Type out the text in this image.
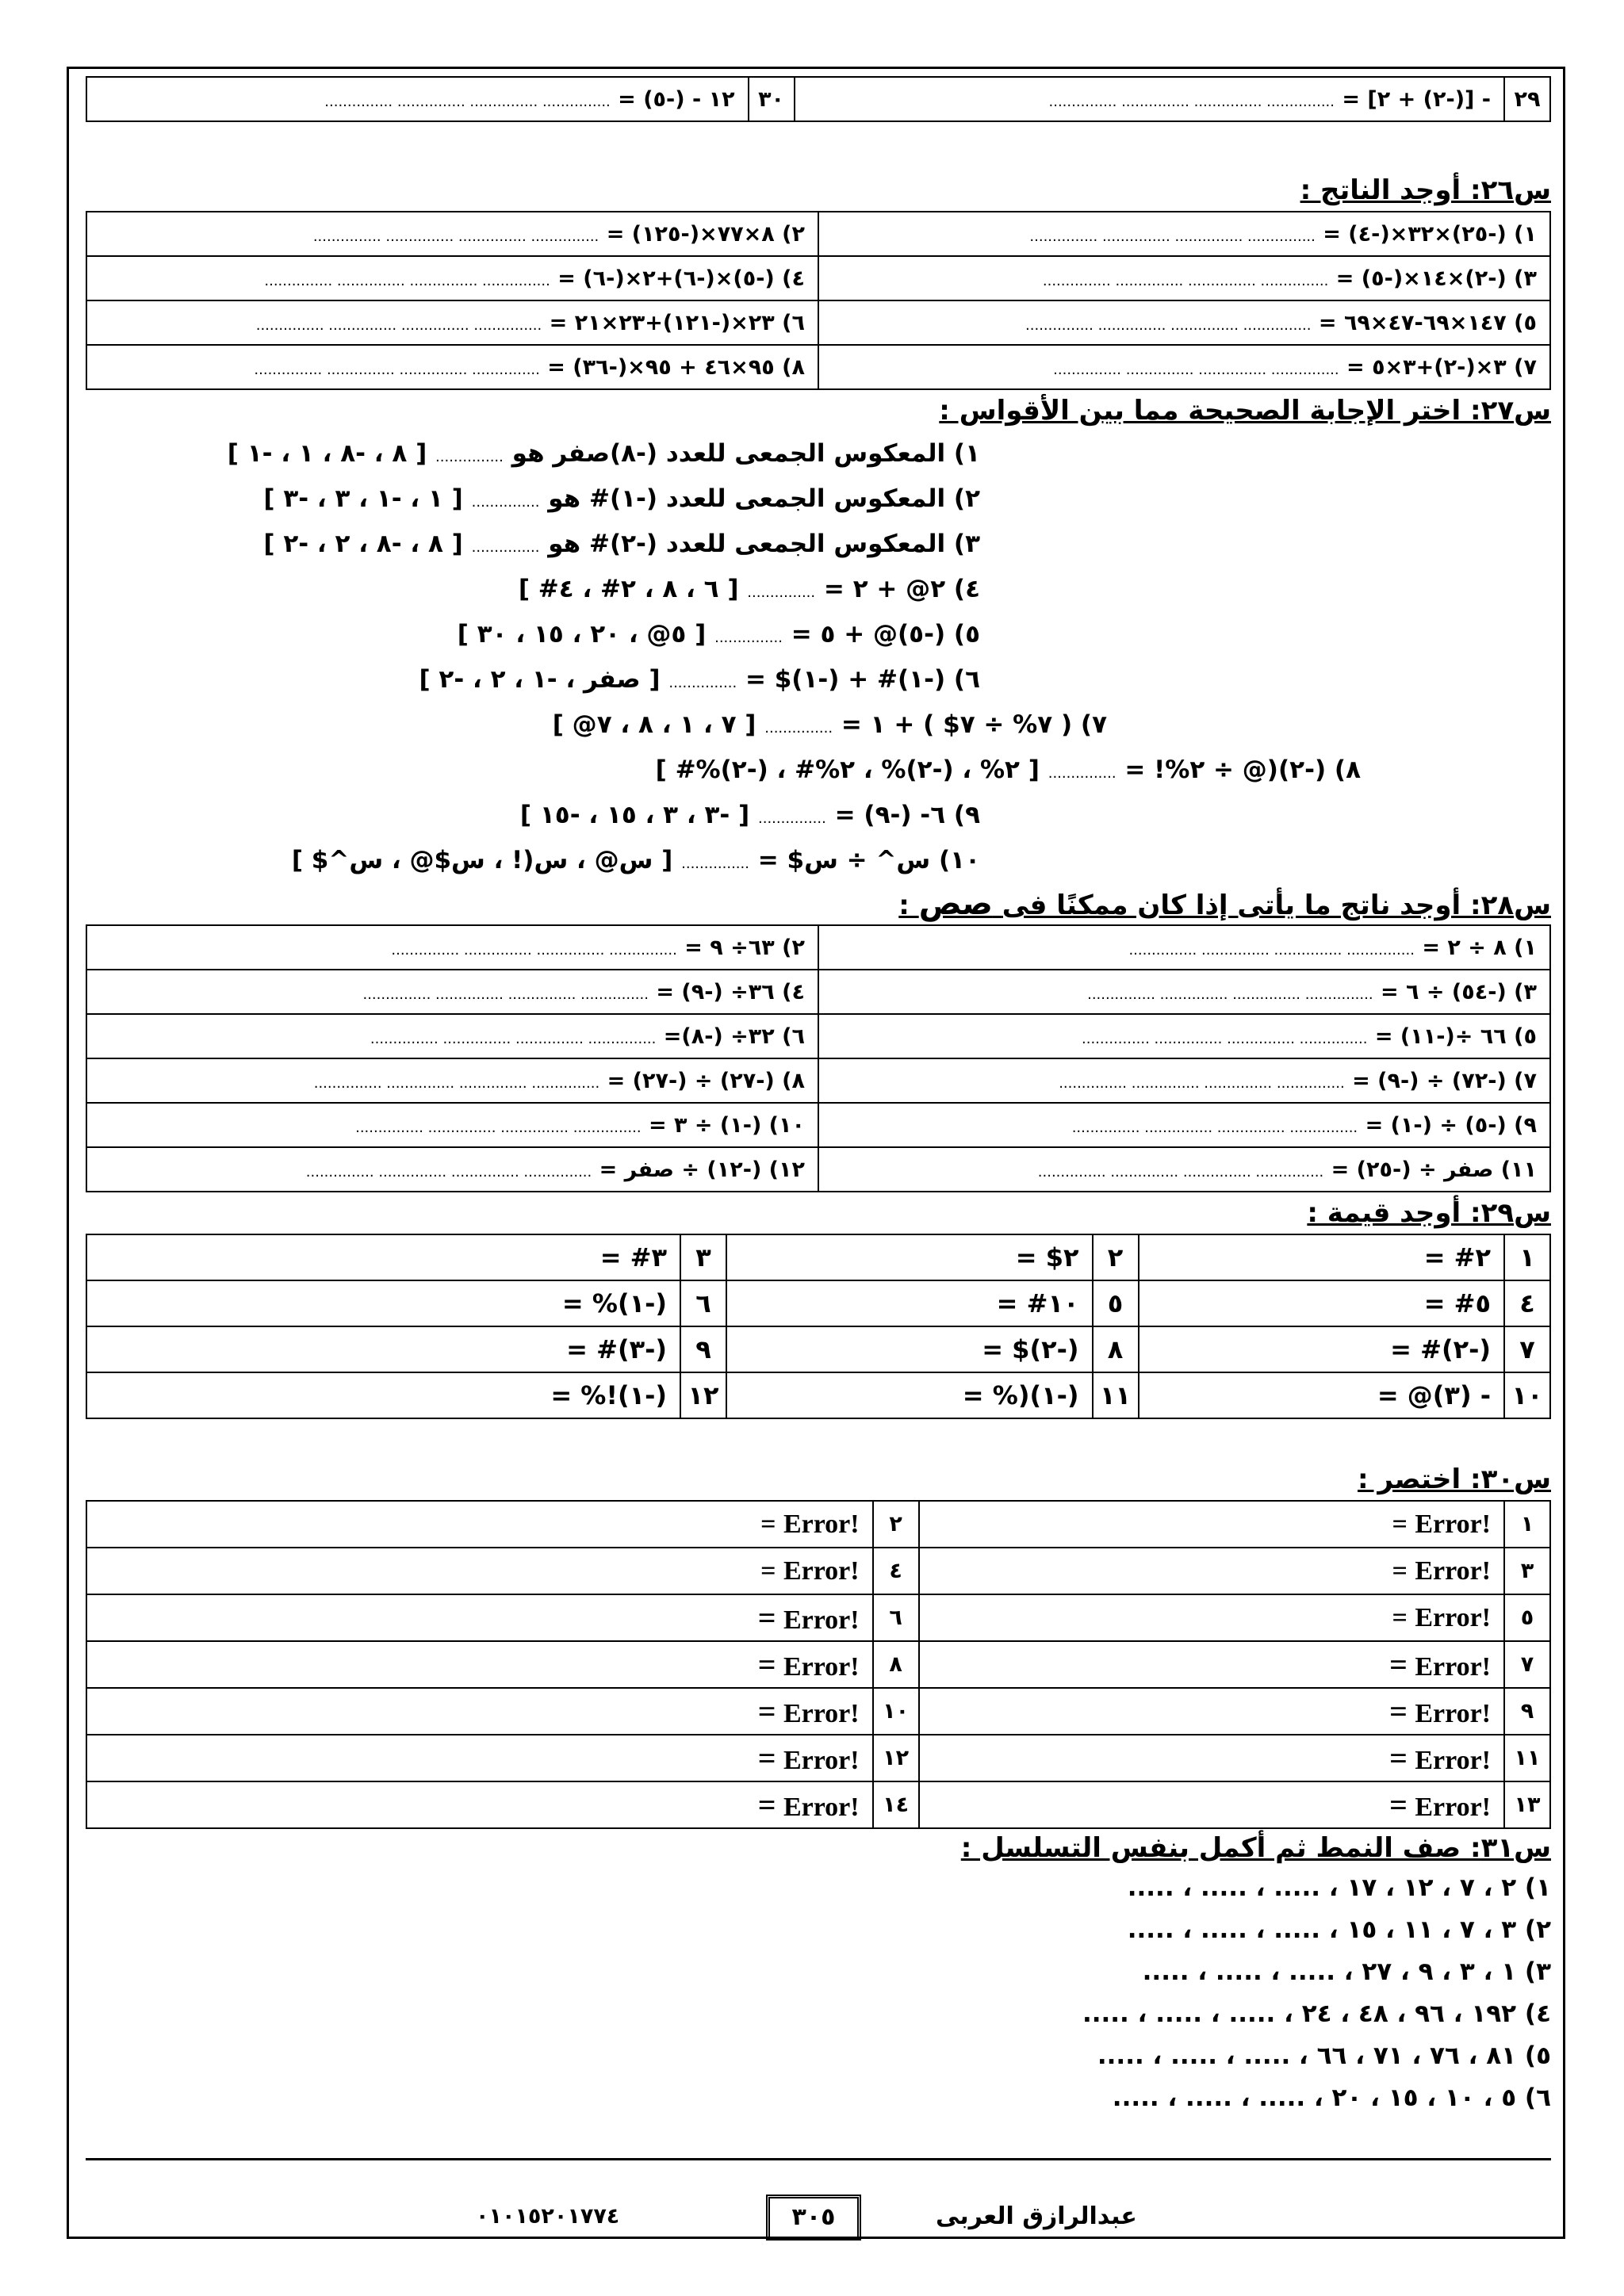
٢٩	- [(-٢) + ٢] = ............... ............... ............... ...............	٣٠	١٢ - (-٥) = ............... ............... ............... ...............

س٢٦: أوجد الناتج :

١) (-٢٥)×٣٢×(-٤) = ............... ............... ............... ...............	٢) ٨×٧٧×(-١٢٥) = ............... ............... ............... ...............
٣) (-٢)×١٤×(-٥) = ............... ............... ............... ...............	٤) (-٥)×(-٦)+٢×(-٦) = ............... ............... ............... ...............
٥) ١٤٧×٦٩-٤٧×٦٩ = ............... ............... ............... ...............	٦) ٢٣×(-١٢١)+٢٣×٢١ = ............... ............... ............... ...............
٧) ٣×(-٢)+٣×٥ = ............... ............... ............... ...............	٨) ٩٥×٤٦ + ٩٥×(-٣٦) = ............... ............... ............... ...............

س٢٧: اختر الإجابة الصحيحة مما بين الأقواس :

١) المعكوس الجمعى للعدد (-٨)صفر هو ............... [ ٨ ، -٨ ، ١ ، -١ ]
٢) المعكوس الجمعى للعدد (-١)# هو ............... [ ١ ، -١ ، ٣ ، -٣ ]
٣) المعكوس الجمعى للعدد (-٢)# هو ............... [ ٨ ، -٨ ، ٢ ، -٢ ]
٤) ٢@ + ٢ = ............... [ ٦ ، ٨ ، ٢# ، ٤# ]
٥) (-٥)@ + ٥ = ............... [ ٥@ ، ٢٠ ، ١٥ ، ٣٠ ]
٦) (-١)# + (-١)$ = ............... [ صفر ، -١ ، ٢ ، -٢ ]
٧) ( ٧% ÷ ٧$ ) + ١ = ............... [ ٧ ، ١ ، ٨ ، ٧@ ]
٨) (-٢)(@ ÷ ٢%! = ............... [ ٢% ، (-٢)% ، ٢%# ، (-٢)%# ]
٩) ٦- (-٩) = ............... [ -٣ ، ٣ ، ١٥ ، -١٥ ]
١٠) س^ ÷ س$ = ............... [ س@ ، س(! ، س$@ ، س^$ ]

س٢٨: أوجد ناتج ما يأتى إذا كان ممكنًا فى صص :

١) ٨ ÷ ٢ = ............... ............... ............... ...............	٢) ٦٣÷ ٩ = ............... ............... ............... ...............
٣) (-٥٤) ÷ ٦ = ............... ............... ............... ...............	٤) ٣٦÷ (-٩) = ............... ............... ............... ...............
٥) ٦٦ ÷(-١١) = ............... ............... ............... ...............	٦) ٣٢÷ (-٨)= ............... ............... ............... ...............
٧) (-٧٢) ÷ (-٩) = ............... ............... ............... ...............	٨) (-٢٧) ÷ (-٢٧) = ............... ............... ............... ...............
٩) (-٥) ÷ (-١) = ............... ............... ............... ...............	١٠) (-١) ÷ ٣ = ............... ............... ............... ...............
١١) صفر ÷ (-٢٥) = ............... ............... ............... ...............	١٢) (-١٢) ÷ صفر = ............... ............... ............... ...............

س٢٩: أوجد قيمة :

١	٢# =	٢	٢$ =	٣	٣# =
٤	٥# =	٥	١٠# =	٦	(-١)% =
٧	(-٢)# =	٨	(-٢)$ =	٩	(-٣)# =
١٠	- (٣)@ =	١١	(-١)(% =	١٢	(-١)!% =

س٣٠: اختصر :

١	!Error =	٢	!Error =
٣	!Error =	٤	!Error =
٥	!Error =	٦	!Error =
٧	!Error =	٨	!Error =
٩	!Error =	١٠	!Error =
١١	!Error =	١٢	!Error =
١٣	!Error =	١٤	!Error =

س٣١: صف النمط ثم أكمل بنفس التسلسل :

١) ٢ ، ٧ ، ١٢ ، ١٧ ، ..... ، ..... ، .....
٢) ٣ ، ٧ ، ١١ ، ١٥ ، ..... ، ..... ، .....
٣) ١ ، ٣ ، ٩ ، ٢٧ ، ..... ، ..... ، .....
٤) ١٩٢ ، ٩٦ ، ٤٨ ، ٢٤ ، ..... ، ..... ، .....
٥) ٨١ ، ٧٦ ، ٧١ ، ٦٦ ، ..... ، ..... ، .....
٦) ٥ ، ١٠ ، ١٥ ، ٢٠ ، ..... ، ..... ، .....
٠١٠١٥٢٠١٧٧٤	٣٠٥	عبدالرازق العربى
